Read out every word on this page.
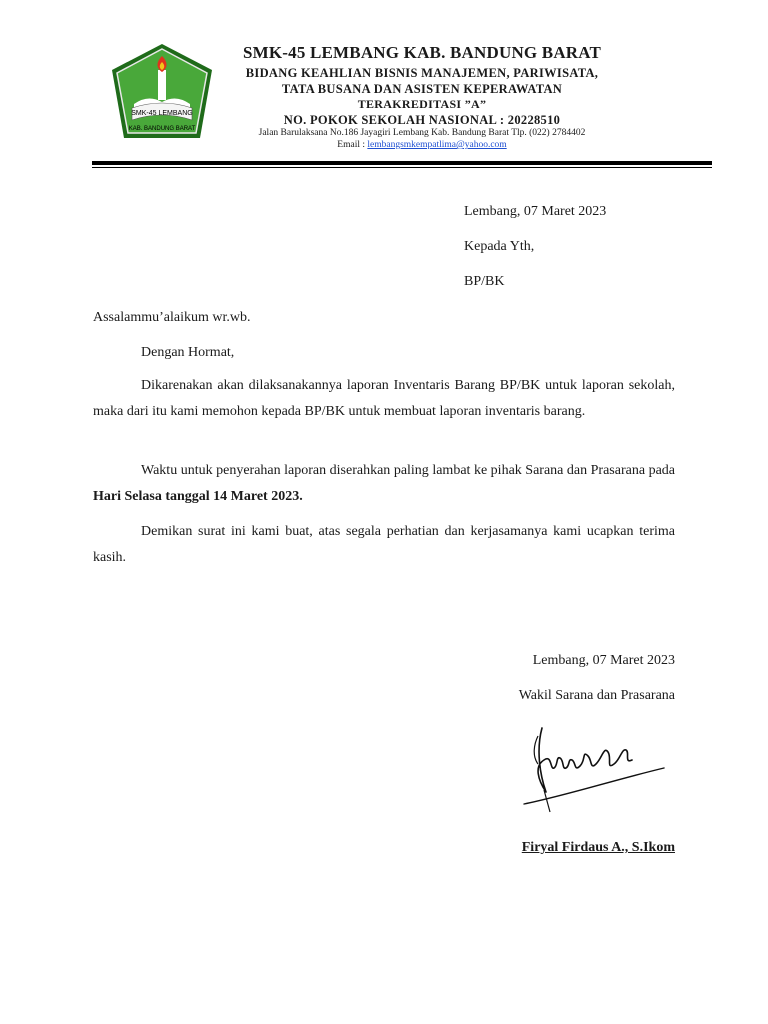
SMK-45 LEMBANG
KAB. BANDUNG BARAT
SMK-45 LEMBANG KAB. BANDUNG BARAT
BIDANG KEAHLIAN BISNIS MANAJEMEN, PARIWISATA,
TATA BUSANA DAN ASISTEN KEPERAWATAN
TERAKREDITASI ”A”
NO. POKOK SEKOLAH NASIONAL : 20228510
Jalan Barulaksana No.186 Jayagiri Lembang Kab. Bandung Barat Tlp. (022) 2784402
Email : lembangsmkempatlima@yahoo.com
Lembang, 07 Maret 2023
Kepada Yth,
BP/BK
Assalammu’alaikum wr.wb.
Dengan Hormat,
Dikarenakan akan dilaksanakannya laporan Inventaris Barang BP/BK untuk laporan sekolah, maka dari itu kami memohon kepada BP/BK untuk membuat laporan inventaris barang.
Waktu untuk penyerahan laporan diserahkan paling lambat ke pihak Sarana dan Prasarana pada Hari Selasa tanggal 14 Maret 2023.
Demikan surat ini kami buat, atas segala perhatian dan kerjasamanya kami ucapkan terima kasih.
Lembang, 07 Maret 2023
Wakil Sarana dan Prasarana
Firyal Firdaus A., S.Ikom
